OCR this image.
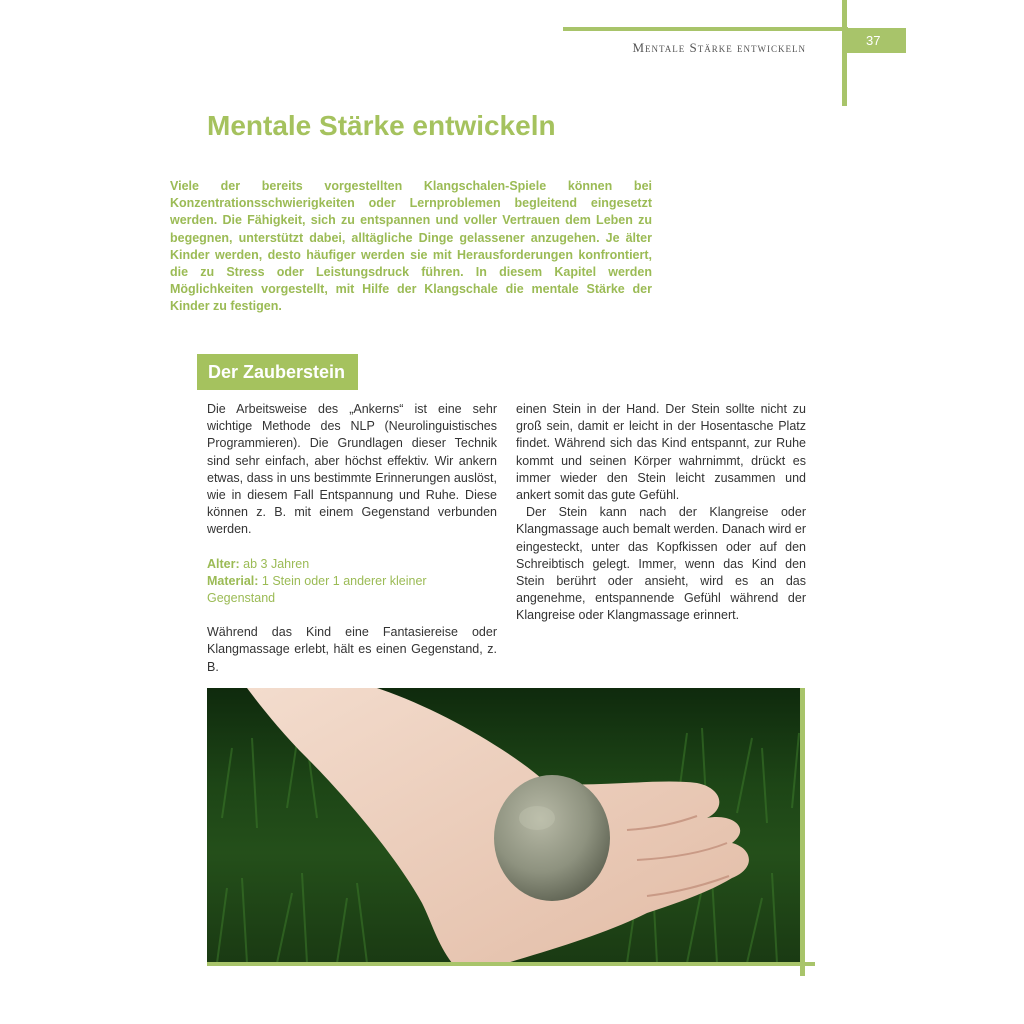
Mentale Stärke entwickeln	37
Mentale Stärke entwickeln

Viele der bereits vorgestellten Klangschalen-Spiele können bei Konzentrationsschwierigkeiten oder Lernproblemen begleitend eingesetzt werden. Die Fähigkeit, sich zu entspannen und voller Vertrauen dem Leben zu begegnen, unterstützt dabei, alltägliche Dinge gelassener anzugehen. Je älter Kinder werden, desto häufiger werden sie mit Herausforderungen konfrontiert, die zu Stress oder Leistungsdruck führen. In diesem Kapitel werden Möglichkeiten vorgestellt, mit Hilfe der Klangschale die mentale Stärke der Kinder zu festigen.

Der Zauberstein

Die Arbeitsweise des „Ankerns“ ist eine sehr wichtige Methode des NLP (Neurolinguistisches Programmieren). Die Grundlagen dieser Technik sind sehr einfach, aber höchst effektiv. Wir ankern etwas, dass in uns bestimmte Erinnerungen auslöst, wie in diesem Fall Entspannung und Ruhe. Diese können z. B. mit einem Gegenstand verbunden werden.

Alter: ab 3 Jahren
Material: 1 Stein oder 1 anderer kleiner Gegenstand

Während das Kind eine Fantasiereise oder Klangmassage erlebt, hält es einen Gegenstand, z. B.

einen Stein in der Hand. Der Stein sollte nicht zu groß sein, damit er leicht in der Hosentasche Platz findet. Während sich das Kind entspannt, zur Ruhe kommt und seinen Körper wahrnimmt, drückt es immer wieder den Stein leicht zusammen und ankert somit das gute Gefühl.

Der Stein kann nach der Klangreise oder Klangmassage auch bemalt werden. Danach wird er eingesteckt, unter das Kopfkissen oder auf den Schreibtisch gelegt. Immer, wenn das Kind den Stein berührt oder ansieht, wird es an das angenehme, entspannende Gefühl während der Klangreise oder Klangmassage erinnert.
